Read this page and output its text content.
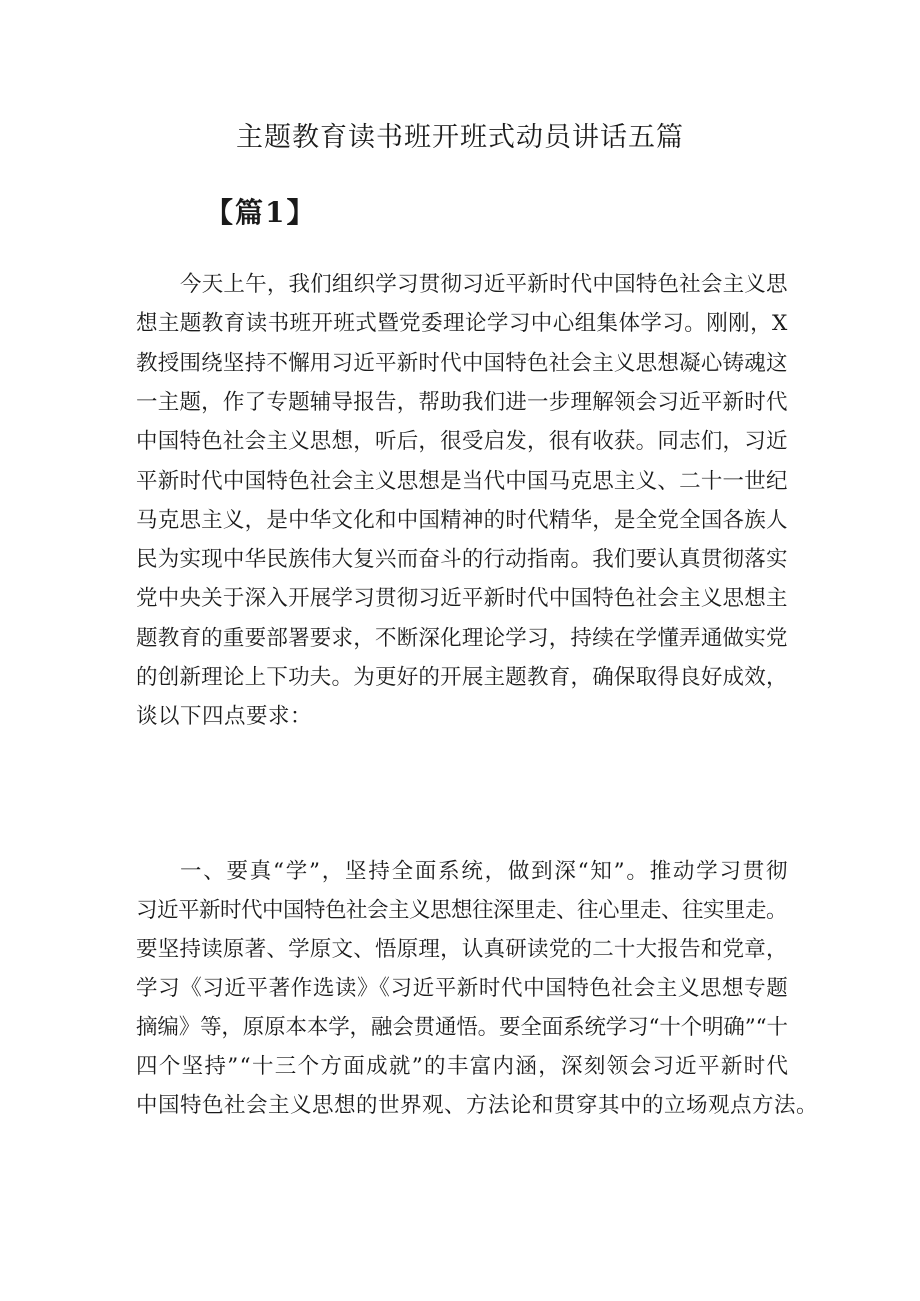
主题教育读书班开班式动员讲话五篇
【篇1】
今天上午，我们组织学习贯彻习近平新时代中国特色社会主义思
想主题教育读书班开班式暨党委理论学习中心组集体学习。刚刚，X
教授围绕坚持不懈用习近平新时代中国特色社会主义思想凝心铸魂这
一主题，作了专题辅导报告，帮助我们进一步理解领会习近平新时代
中国特色社会主义思想，听后，很受启发，很有收获。同志们，习近
平新时代中国特色社会主义思想是当代中国马克思主义、二十一世纪
马克思主义，是中华文化和中国精神的时代精华，是全党全国各族人
民为实现中华民族伟大复兴而奋斗的行动指南。我们要认真贯彻落实
党中央关于深入开展学习贯彻习近平新时代中国特色社会主义思想主
题教育的重要部署要求，不断深化理论学习，持续在学懂弄通做实党
的创新理论上下功夫。为更好的开展主题教育，确保取得良好成效，
谈以下四点要求：
一、要真“学”，坚持全面系统，做到深“知”。推动学习贯彻
习近平新时代中国特色社会主义思想往深里走、往心里走、往实里走。
要坚持读原著、学原文、悟原理，认真研读党的二十大报告和党章，
学习《习近平著作选读》《习近平新时代中国特色社会主义思想专题
摘编》等，原原本本学，融会贯通悟。要全面系统学习“十个明确”“十
四个坚持”“十三个方面成就”的丰富内涵，深刻领会习近平新时代
中国特色社会主义思想的世界观、方法论和贯穿其中的立场观点方法。
